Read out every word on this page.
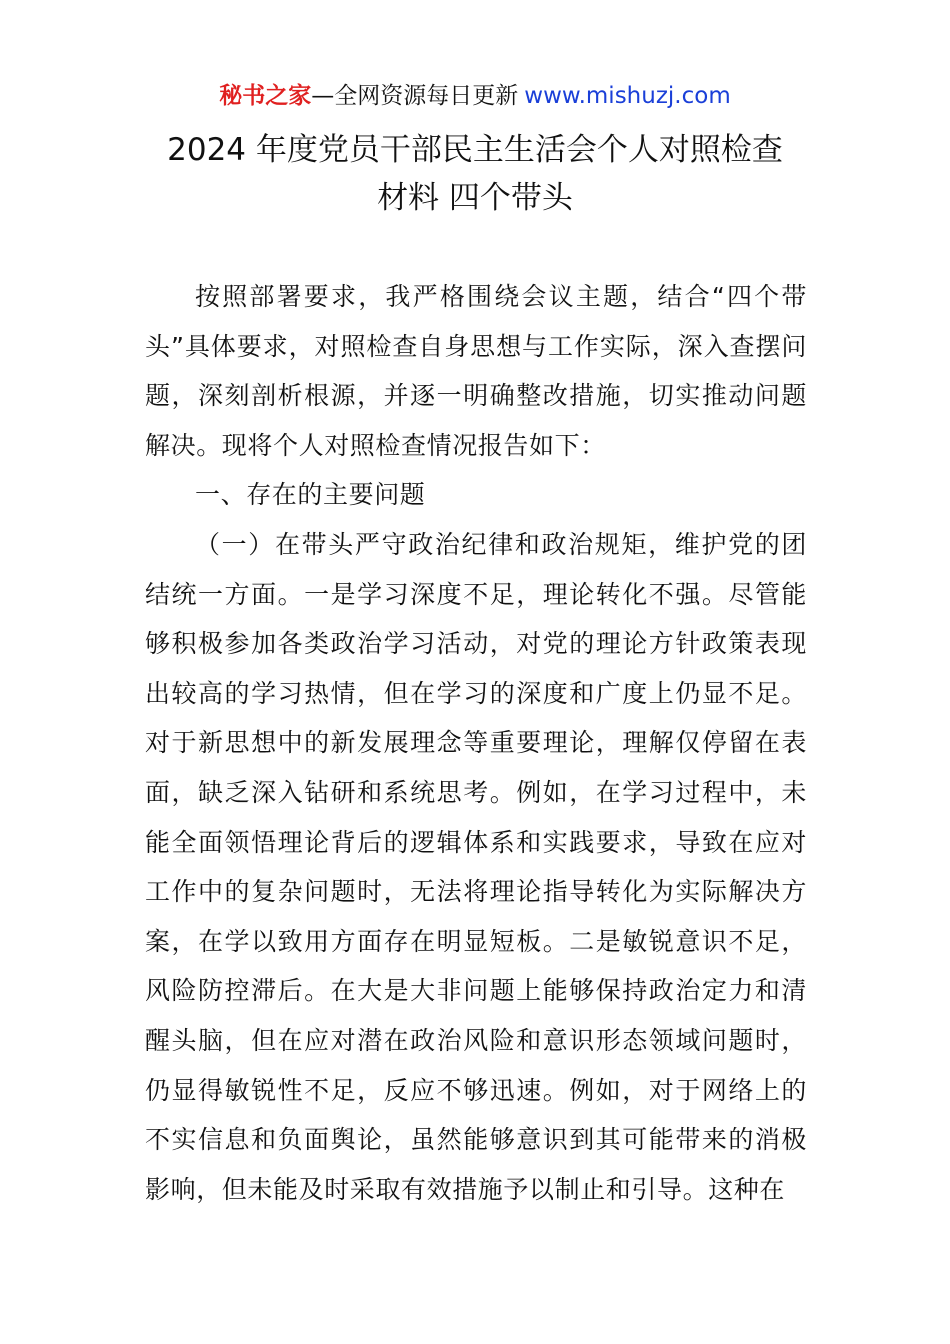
秘书之家—全网资源每日更新 www.mishuzj.com
2024 年度党员干部民主生活会个人对照检查
材料 四个带头

按照部署要求，我严格围绕会议主题，结合“四个带头”具体要求，对照检查自身思想与工作实际，深入查摆问题，深刻剖析根源，并逐一明确整改措施，切实推动问题解决。现将个人对照检查情况报告如下：

一、存在的主要问题

（一）在带头严守政治纪律和政治规矩，维护党的团结统一方面。一是学习深度不足，理论转化不强。尽管能够积极参加各类政治学习活动，对党的理论方针政策表现出较高的学习热情，但在学习的深度和广度上仍显不足。对于新思想中的新发展理念等重要理论，理解仅停留在表面，缺乏深入钻研和系统思考。例如，在学习过程中，未能全面领悟理论背后的逻辑体系和实践要求，导致在应对工作中的复杂问题时，无法将理论指导转化为实际解决方案，在学以致用方面存在明显短板。二是敏锐意识不足，风险防控滞后。在大是大非问题上能够保持政治定力和清醒头脑，但在应对潜在政治风险和意识形态领域问题时，仍显得敏锐性不足，反应不够迅速。例如，对于网络上的不实信息和负面舆论，虽然能够意识到其可能带来的消极影响，但未能及时采取有效措施予以制止和引导。这种在
